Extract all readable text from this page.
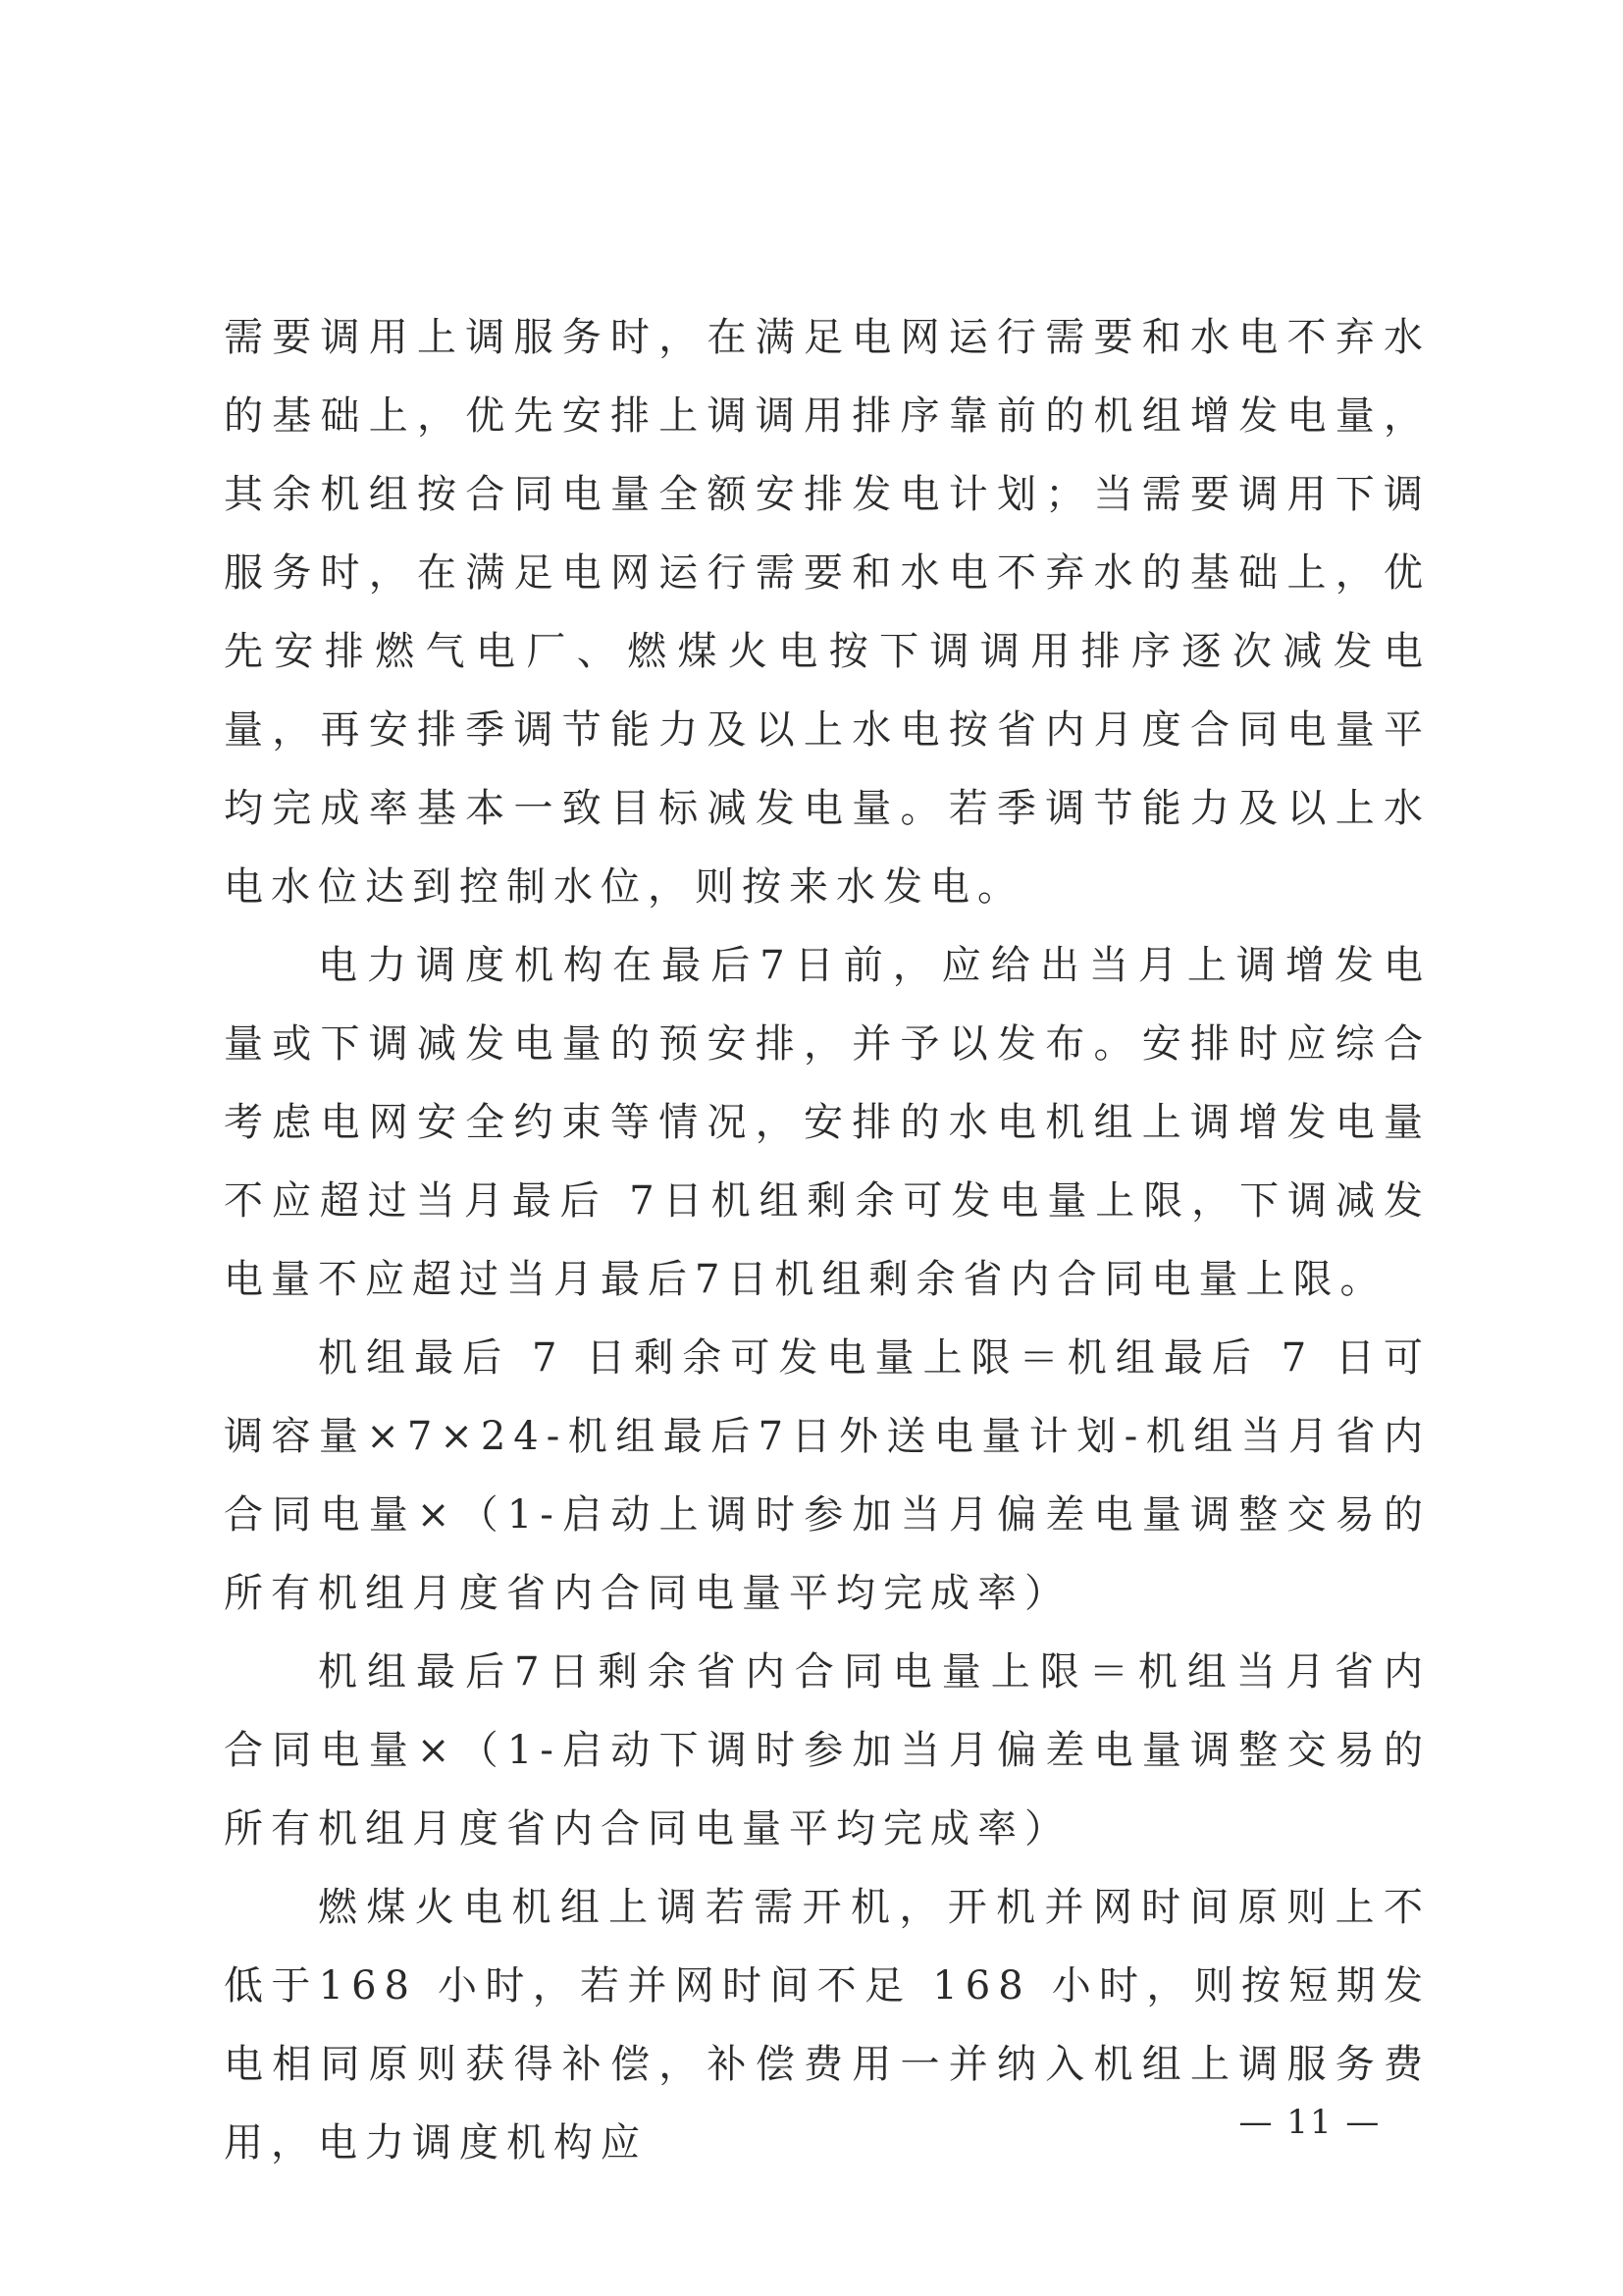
需要调用上调服务时，在满足电网运行需要和水电不弃水的基础上，优先安排上调调用排序靠前的机组增发电量，其余机组按合同电量全额安排发电计划；当需要调用下调服务时，在满足电网运行需要和水电不弃水的基础上，优先安排燃气电厂、燃煤火电按下调调用排序逐次减发电量，再安排季调节能力及以上水电按省内月度合同电量平均完成率基本一致目标减发电量。若季调节能力及以上水电水位达到控制水位，则按来水发电。

电力调度机构在最后7日前，应给出当月上调增发电量或下调减发电量的预安排，并予以发布。安排时应综合考虑电网安全约束等情况，安排的水电机组上调增发电量不应超过当月最后 7日机组剩余可发电量上限，下调减发电量不应超过当月最后7日机组剩余省内合同电量上限。

机组最后 7 日剩余可发电量上限＝机组最后 7 日可调容量×7×24-机组最后7日外送电量计划-机组当月省内合同电量×（1-启动上调时参加当月偏差电量调整交易的所有机组月度省内合同电量平均完成率）

机组最后7日剩余省内合同电量上限＝机组当月省内合同电量×（1-启动下调时参加当月偏差电量调整交易的所有机组月度省内合同电量平均完成率）

燃煤火电机组上调若需开机，开机并网时间原则上不低于168 小时，若并网时间不足 168 小时，则按短期发电相同原则获得补偿，补偿费用一并纳入机组上调服务费用，电力调度机构应	— 11 —
